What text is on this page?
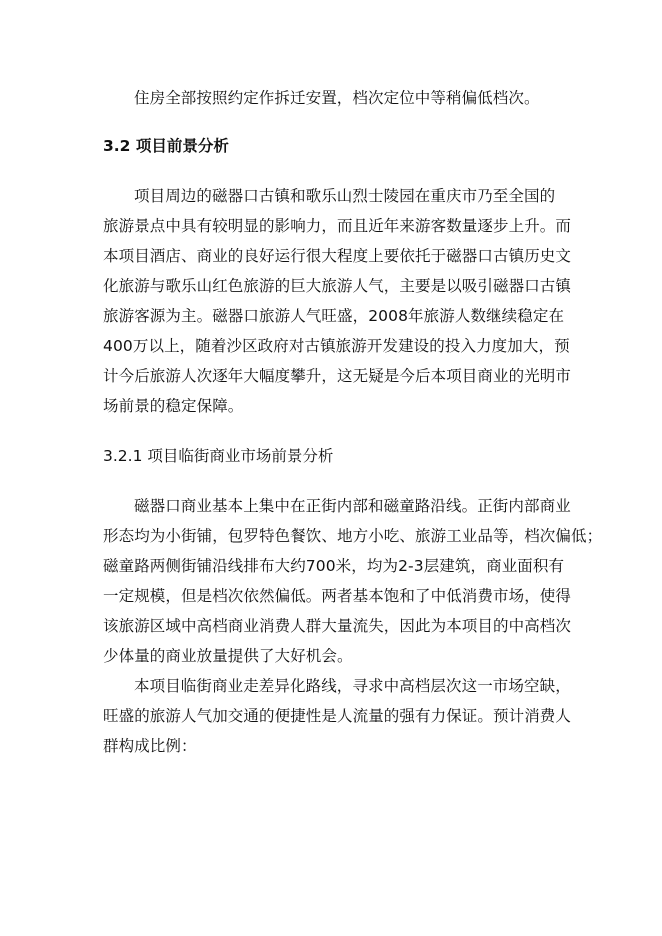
住房全部按照约定作拆迁安置，档次定位中等稍偏低档次。
3.2 项目前景分析
项目周边的磁器口古镇和歌乐山烈士陵园在重庆市乃至全国的
旅游景点中具有较明显的影响力，而且近年来游客数量逐步上升。而
本项目酒店、商业的良好运行很大程度上要依托于磁器口古镇历史文
化旅游与歌乐山红色旅游的巨大旅游人气，主要是以吸引磁器口古镇
旅游客源为主。磁器口旅游人气旺盛，2008年旅游人数继续稳定在
400万以上，随着沙区政府对古镇旅游开发建设的投入力度加大，预
计今后旅游人次逐年大幅度攀升，这无疑是今后本项目商业的光明市
场前景的稳定保障。
3.2.1 项目临街商业市场前景分析
磁器口商业基本上集中在正街内部和磁童路沿线。正街内部商业
形态均为小街铺，包罗特色餐饮、地方小吃、旅游工业品等，档次偏低；
磁童路两侧街铺沿线排布大约700米，均为2-3层建筑，商业面积有
一定规模，但是档次依然偏低。两者基本饱和了中低消费市场，使得
该旅游区域中高档商业消费人群大量流失，因此为本项目的中高档次
少体量的商业放量提供了大好机会。
本项目临街商业走差异化路线，寻求中高档层次这一市场空缺，
旺盛的旅游人气加交通的便捷性是人流量的强有力保证。预计消费人
群构成比例：
